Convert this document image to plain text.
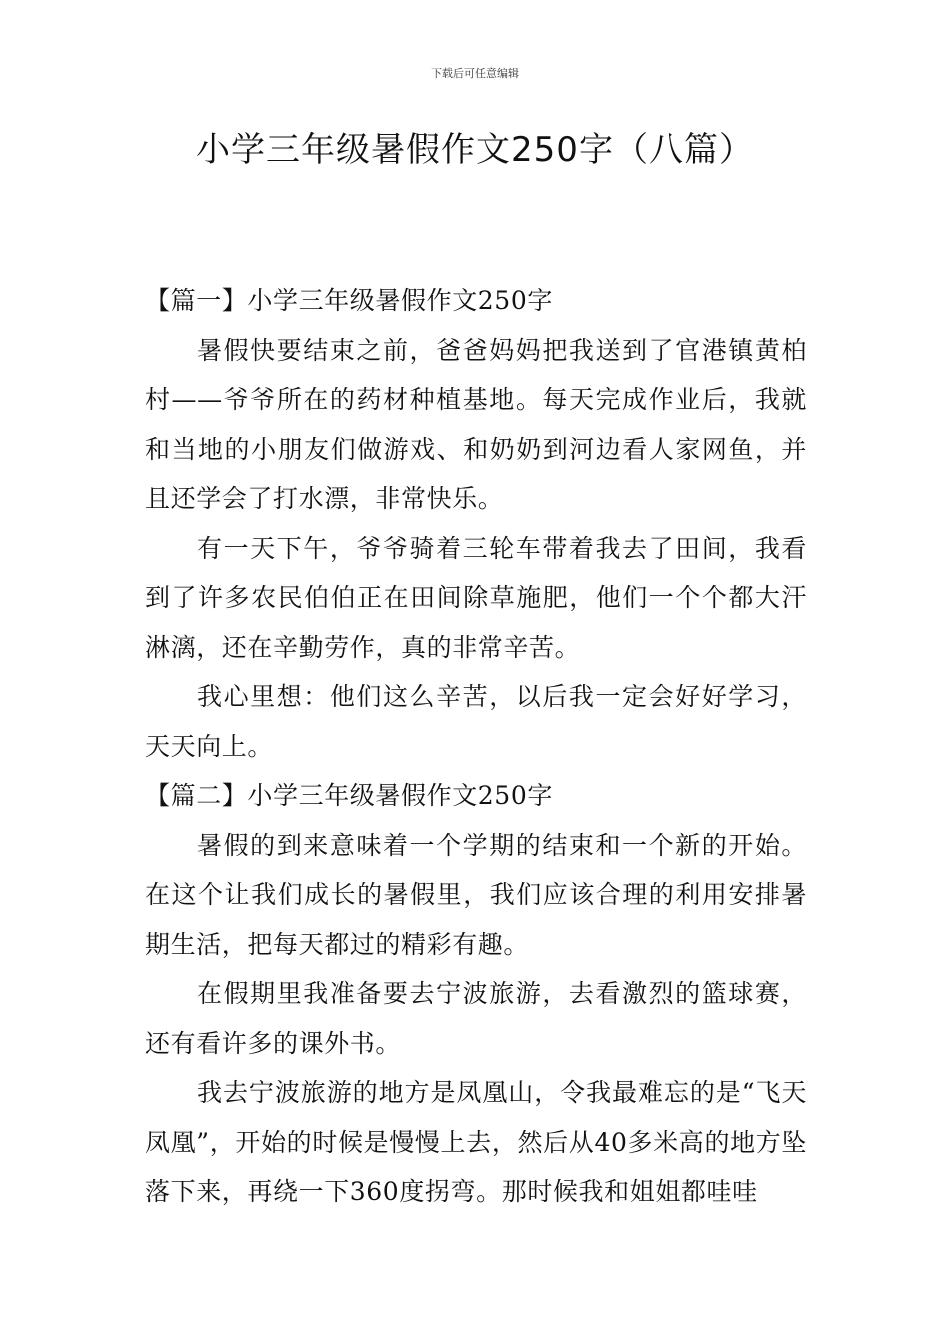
下载后可任意编辑
小学三年级暑假作文250字（八篇）

【篇一】小学三年级暑假作文250字

暑假快要结束之前，爸爸妈妈把我送到了官港镇黄柏村——爷爷所在的药材种植基地。每天完成作业后，我就和当地的小朋友们做游戏、和奶奶到河边看人家网鱼，并且还学会了打水漂，非常快乐。

有一天下午，爷爷骑着三轮车带着我去了田间，我看到了许多农民伯伯正在田间除草施肥，他们一个个都大汗淋漓，还在辛勤劳作，真的非常辛苦。

我心里想：他们这么辛苦，以后我一定会好好学习，天天向上。

【篇二】小学三年级暑假作文250字

暑假的到来意味着一个学期的结束和一个新的开始。在这个让我们成长的暑假里，我们应该合理的利用安排暑期生活，把每天都过的精彩有趣。

在假期里我准备要去宁波旅游，去看激烈的篮球赛，还有看许多的课外书。

我去宁波旅游的地方是凤凰山，令我最难忘的是“飞天凤凰”，开始的时候是慢慢上去，然后从40多米高的地方坠落下来，再绕一下360度拐弯。那时候我和姐姐都哇哇
